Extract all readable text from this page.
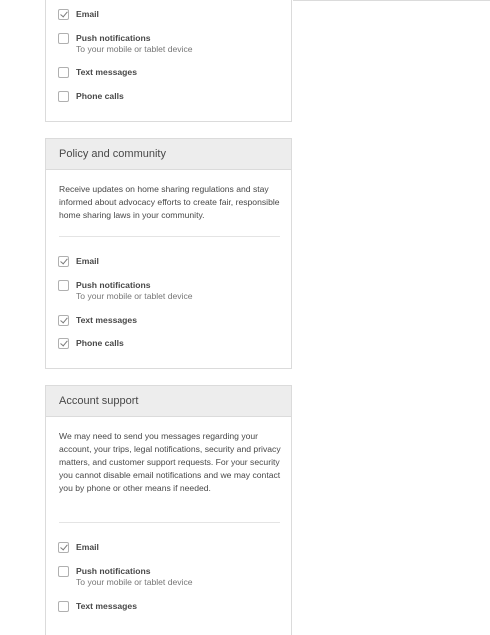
Email
Push notifications
To your mobile or tablet device
Text messages
Phone calls
Policy and community
Receive updates on home sharing regulations and stay informed about advocacy efforts to create fair, responsible home sharing laws in your community.
Email
Push notifications
To your mobile or tablet device
Text messages
Phone calls
Account support
We may need to send you messages regarding your account, your trips, legal notifications, security and privacy matters, and customer support requests. For your security you cannot disable email notifications and we may contact you by phone or other means if needed.
Email
Push notifications
To your mobile or tablet device
Text messages
